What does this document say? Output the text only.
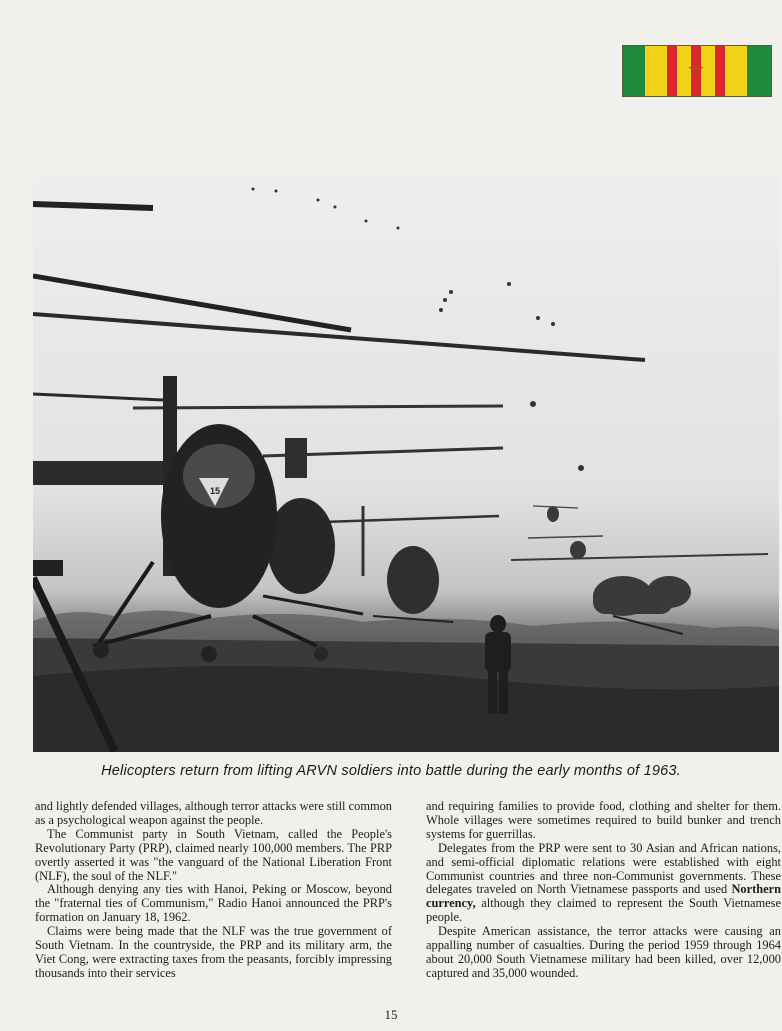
★
15
Helicopters return from lifting ARVN soldiers into battle during the early months of 1963.

and lightly defended villages, although terror attacks were still common as a psychological weapon against the people.

The Communist party in South Vietnam, called the People's Revolutionary Party (PRP), claimed nearly 100,000 members. The PRP overtly asserted it was "the vanguard of the National Liberation Front (NLF), the soul of the NLF."

Although denying any ties with Hanoi, Peking or Moscow, beyond the "fraternal ties of Communism," Radio Hanoi announced the PRP's formation on January 18, 1962.

Claims were being made that the NLF was the true government of South Vietnam. In the countryside, the PRP and its military arm, the Viet Cong, were extracting taxes from the peasants, forcibly impressing thousands into their services

and requiring families to provide food, clothing and shelter for them. Whole villages were sometimes required to build bunker and trench systems for guerrillas.

Delegates from the PRP were sent to 30 Asian and African nations, and semi-official diplomatic relations were established with eight Communist countries and three non-Communist governments. These delegates traveled on North Vietnamese passports and used Northern currency, although they claimed to represent the South Vietnamese people.

Despite American assistance, the terror attacks were causing an appalling number of casualties. During the period 1959 through 1964 about 20,000 South Vietnamese military had been killed, over 12,000 captured and 35,000 wounded.

15
